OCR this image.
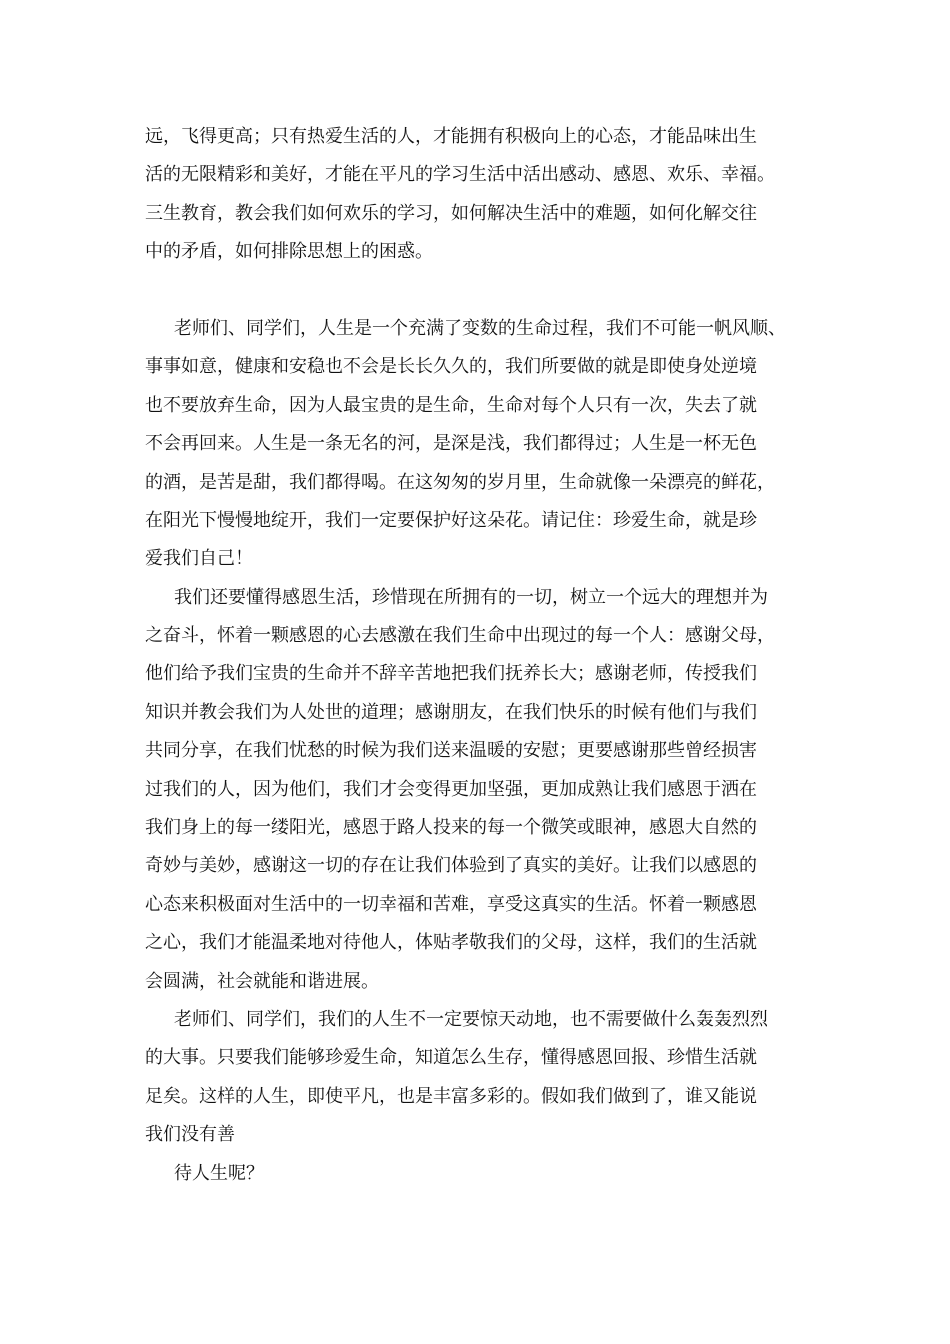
远，飞得更高；只有热爱生活的人，才能拥有积极向上的心态，才能品味出生
活的无限精彩和美好，才能在平凡的学习生活中活出感动、感恩、欢乐、幸福。
三生教育，教会我们如何欢乐的学习，如何解决生活中的难题，如何化解交往
中的矛盾，如何排除思想上的困惑。
老师们、同学们，人生是一个充满了变数的生命过程，我们不可能一帆风顺、
事事如意，健康和安稳也不会是长长久久的，我们所要做的就是即使身处逆境
也不要放弃生命，因为人最宝贵的是生命，生命对每个人只有一次，失去了就
不会再回来。人生是一条无名的河，是深是浅，我们都得过；人生是一杯无色
的酒，是苦是甜，我们都得喝。在这匆匆的岁月里，生命就像一朵漂亮的鲜花，
在阳光下慢慢地绽开，我们一定要保护好这朵花。请记住：珍爱生命，就是珍
爱我们自己！
我们还要懂得感恩生活，珍惜现在所拥有的一切，树立一个远大的理想并为
之奋斗，怀着一颗感恩的心去感激在我们生命中出现过的每一个人：感谢父母，
他们给予我们宝贵的生命并不辞辛苦地把我们抚养长大；感谢老师，传授我们
知识并教会我们为人处世的道理；感谢朋友，在我们快乐的时候有他们与我们
共同分享，在我们忧愁的时候为我们送来温暖的安慰；更要感谢那些曾经损害
过我们的人，因为他们，我们才会变得更加坚强，更加成熟让我们感恩于洒在
我们身上的每一缕阳光，感恩于路人投来的每一个微笑或眼神，感恩大自然的
奇妙与美妙，感谢这一切的存在让我们体验到了真实的美好。让我们以感恩的
心态来积极面对生活中的一切幸福和苦难，享受这真实的生活。怀着一颗感恩
之心，我们才能温柔地对待他人，体贴孝敬我们的父母，这样，我们的生活就
会圆满，社会就能和谐进展。
老师们、同学们，我们的人生不一定要惊天动地，也不需要做什么轰轰烈烈
的大事。只要我们能够珍爱生命，知道怎么生存，懂得感恩回报、珍惜生活就
足矣。这样的人生，即使平凡，也是丰富多彩的。假如我们做到了，谁又能说
我们没有善
待人生呢？
